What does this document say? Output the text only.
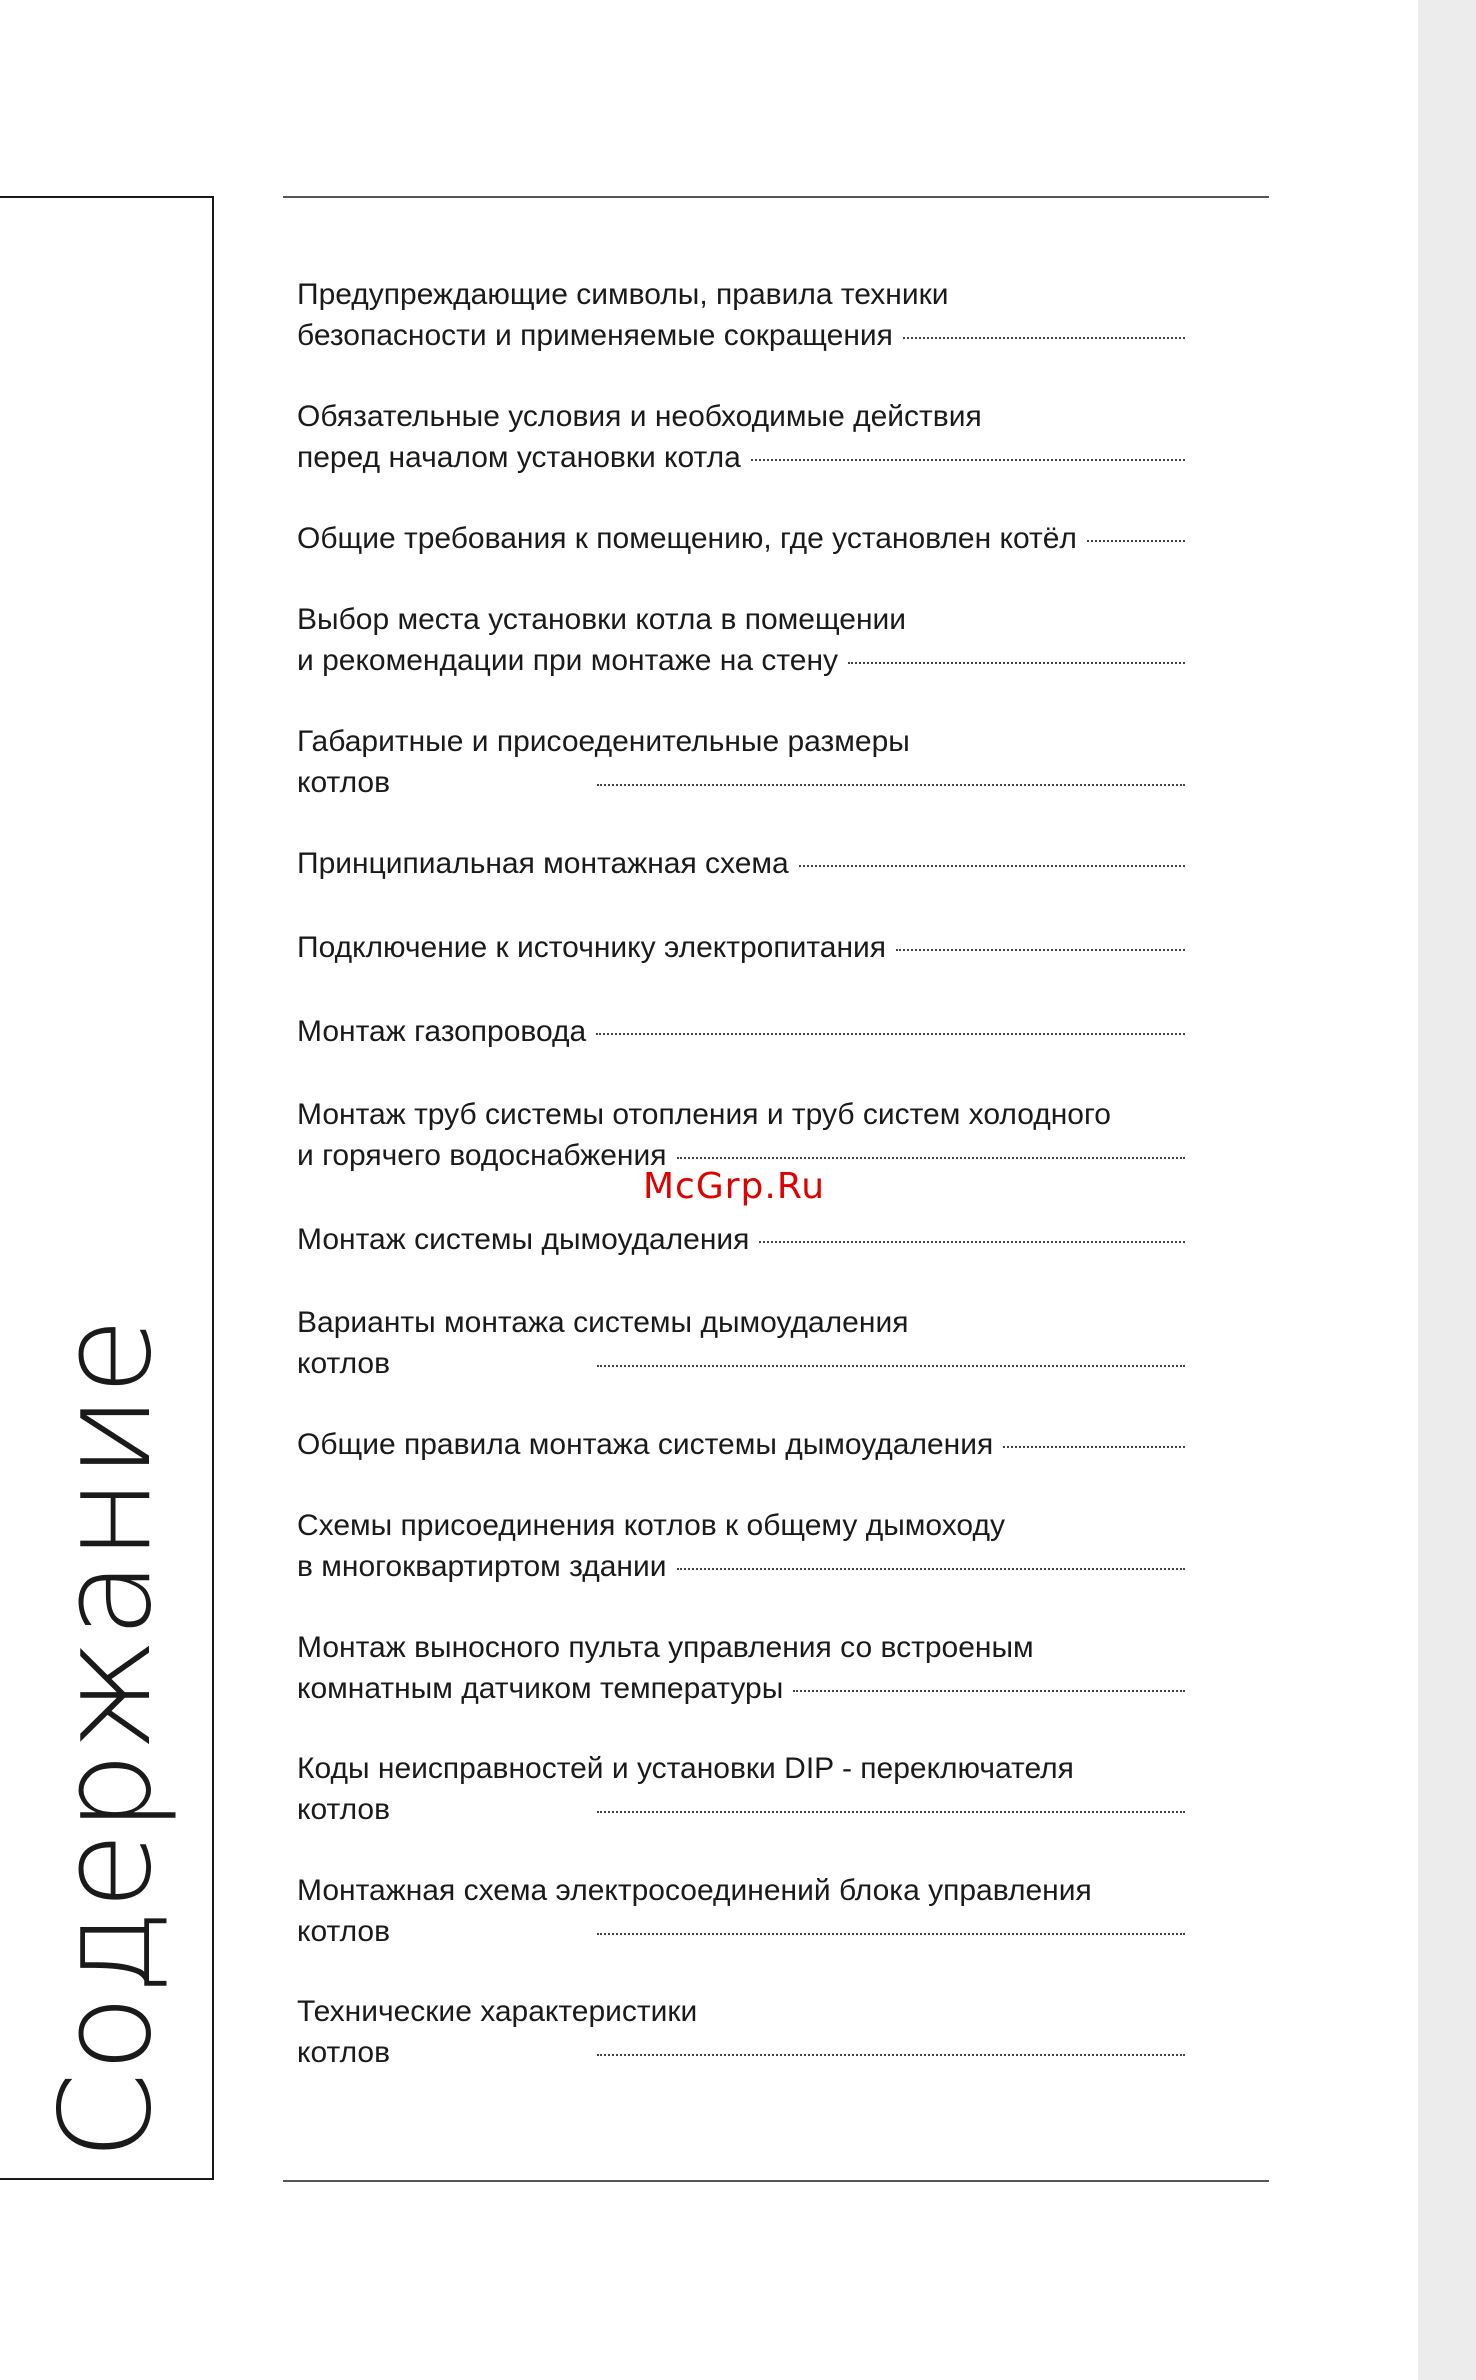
Содержание
Предупреждающие символы, правила техники
безопасности и применяемые сокращения
Обязательные условия и необходимые действия
перед началом установки котла
Общие требования к помещению, где установлен котёл
Выбор места установки котла в помещении
и рекомендации при монтаже на стену
Габаритные и присоеденительные размеры
котлов
Принципиальная монтажная схема
Подключение к источнику электропитания
Монтаж газопровода
Монтаж труб системы отопления и труб систем холодного
и горячего водоснабжения
Монтаж системы дымоудаления
Варианты монтажа системы дымоудаления
котлов
Общие правила монтажа системы дымоудаления
Схемы присоединения котлов к общему дымоходу
в многоквартиртом здании
Монтаж выносного пульта управления со встроеным
комнатным датчиком температуры
Коды неисправностей и установки DIP - переключателя
котлов
Монтажная схема электросоединений блока управления
котлов
Технические характеристики
котлов
McGrp.Ru
